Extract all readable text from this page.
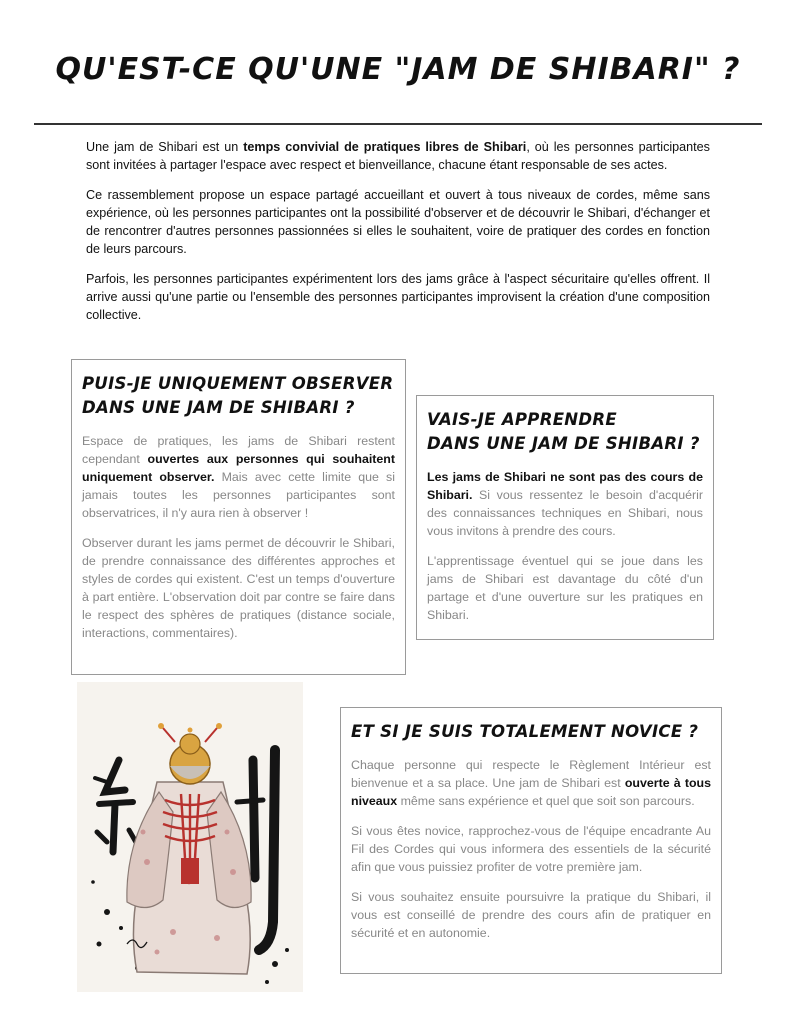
QU'EST-CE QU'UNE "JAM DE SHIBARI" ?

Une jam de Shibari est un temps convivial de pratiques libres de Shibari, où les personnes participantes sont invitées à partager l'espace avec respect et bienveillance, chacune étant responsable de ses actes.

Ce rassemblement propose un espace partagé accueillant et ouvert à tous niveaux de cordes, même sans expérience, où les personnes participantes ont la possibilité d'observer et de découvrir le Shibari, d'échanger et de rencontrer d'autres personnes passionnées si elles le souhaitent, voire de pratiquer des cordes en fonction de leurs parcours.

Parfois, les personnes participantes expérimentent lors des jams grâce à l'aspect sécuritaire qu'elles offrent. Il arrive aussi qu'une partie ou l'ensemble des personnes participantes improvisent la création d'une composition collective.

PUIS-JE UNIQUEMENT OBSERVER
DANS UNE JAM DE SHIBARI ?

Espace de pratiques, les jams de Shibari restent cependant ouvertes aux personnes qui souhaitent uniquement observer. Mais avec cette limite que si jamais toutes les personnes participantes sont observatrices, il n'y aura rien à observer !

Observer durant les jams permet de découvrir le Shibari, de prendre connaissance des différentes approches et styles de cordes qui existent. C'est un temps d'ouverture à part entière. L'observation doit par contre se faire dans le respect des sphères de pratiques (distance sociale, interactions, commentaires).

VAIS-JE APPRENDRE
DANS UNE JAM DE SHIBARI ?

Les jams de Shibari ne sont pas des cours de Shibari. Si vous ressentez le besoin d'acquérir des connaissances techniques en Shibari, nous vous invitons à prendre des cours.

L'apprentissage éventuel qui se joue dans les jams de Shibari est davantage du côté d'un partage et d'une ouverture sur les pratiques en Shibari.

ET SI JE SUIS TOTALEMENT NOVICE ?

Chaque personne qui respecte le Règlement Intérieur est bienvenue et a sa place. Une jam de Shibari est ouverte à tous niveaux même sans expérience et quel que soit son parcours.

Si vous êtes novice, rapprochez-vous de l'équipe encadrante Au Fil des Cordes qui vous informera des essentiels de la sécurité afin que vous puissiez profiter de votre première jam.

Si vous souhaitez ensuite poursuivre la pratique du Shibari, il vous est conseillé de prendre des cours afin de pratiquer en sécurité et en autonomie.
